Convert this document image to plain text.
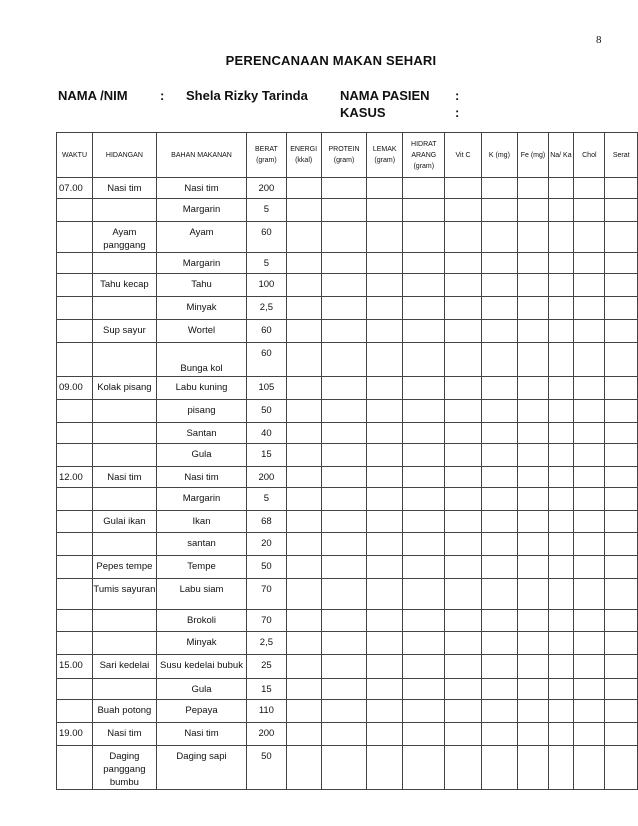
8
PERENCANAAN MAKAN SEHARI
NAMA /NIM : Shela Rizky Tarinda NAMA PASIEN :
KASUS	:
WAKTU	HIDANGAN	BAHAN MAKANAN	BERAT (gram)	ENERGI (kkal)	PROTEIN (gram)	LEMAK (gram)	HIDRAT ARANG (gram)	Vit C	K (mg)	Fe (mg)	Na/ Ka	Chol	Serat
07.00	Nasi tim	Nasi tim	200										
		Margarin	5										
	Ayam panggang	Ayam	60										
		Margarin	5										
	Tahu kecap	Tahu	100										
		Minyak	2,5										
	Sup sayur	Wortel	60										
		Bunga kol	60										
09.00	Kolak pisang	Labu kuning	105										
		pisang	50										
		Santan	40										
		Gula	15										
12.00	Nasi tim	Nasi tim	200										
		Margarin	5										
	Gulai ikan	Ikan	68										
		santan	20										
	Pepes tempe	Tempe	50										
	Tumis sayuran	Labu siam	70										
		Brokoli	70										
		Minyak	2,5										
15.00	Sari kedelai	Susu kedelai bubuk	25										
		Gula	15										
	Buah potong	Pepaya	110										
19.00	Nasi tim	Nasi tim	200										
	Daging panggang bumbu	Daging sapi	50										
